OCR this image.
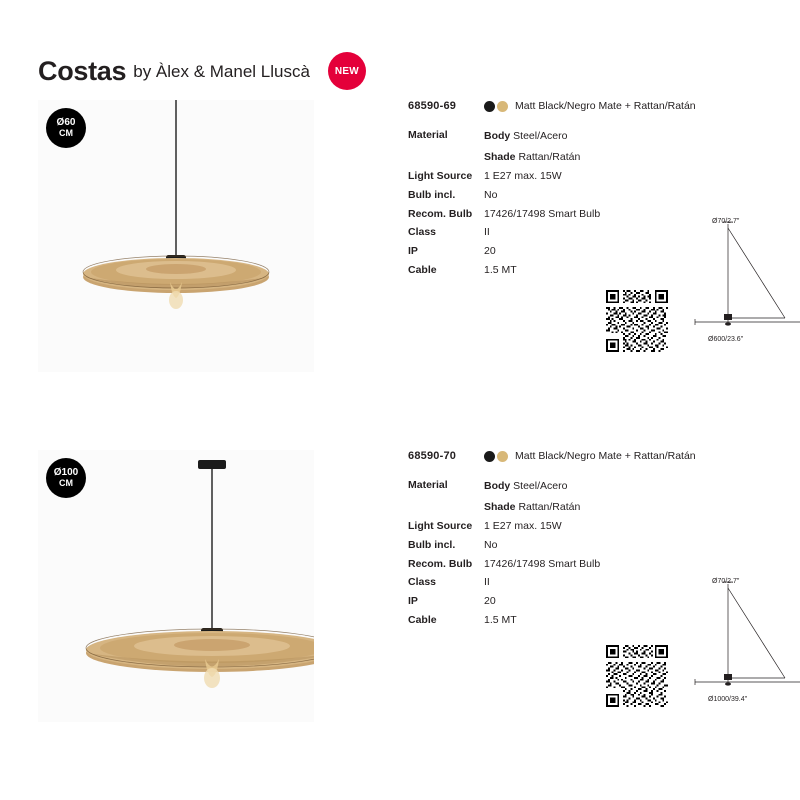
Costas by Àlex & Manel Lluscà	NEW
Ø60
CM
68590-69	Matt Black/Negro Mate + Rattan/Ratán
Material	Body Steel/Acero
Shade Rattan/Ratán
Light Source	1 E27 max. 15W
Bulb incl.	No
Recom. Bulb	17426/17498 Smart Bulb
Class	II
IP	20
Cable	1.5 MT
Ø70/2.7"
Ø600/23.6"
Ø100
CM
68590-70	Matt Black/Negro Mate + Rattan/Ratán
Material	Body Steel/Acero
Shade Rattan/Ratán
Light Source	1 E27 max. 15W
Bulb incl.	No
Recom. Bulb	17426/17498 Smart Bulb
Class	II
IP	20
Cable	1.5 MT
Ø70/2.7"
Ø1000/39.4"
